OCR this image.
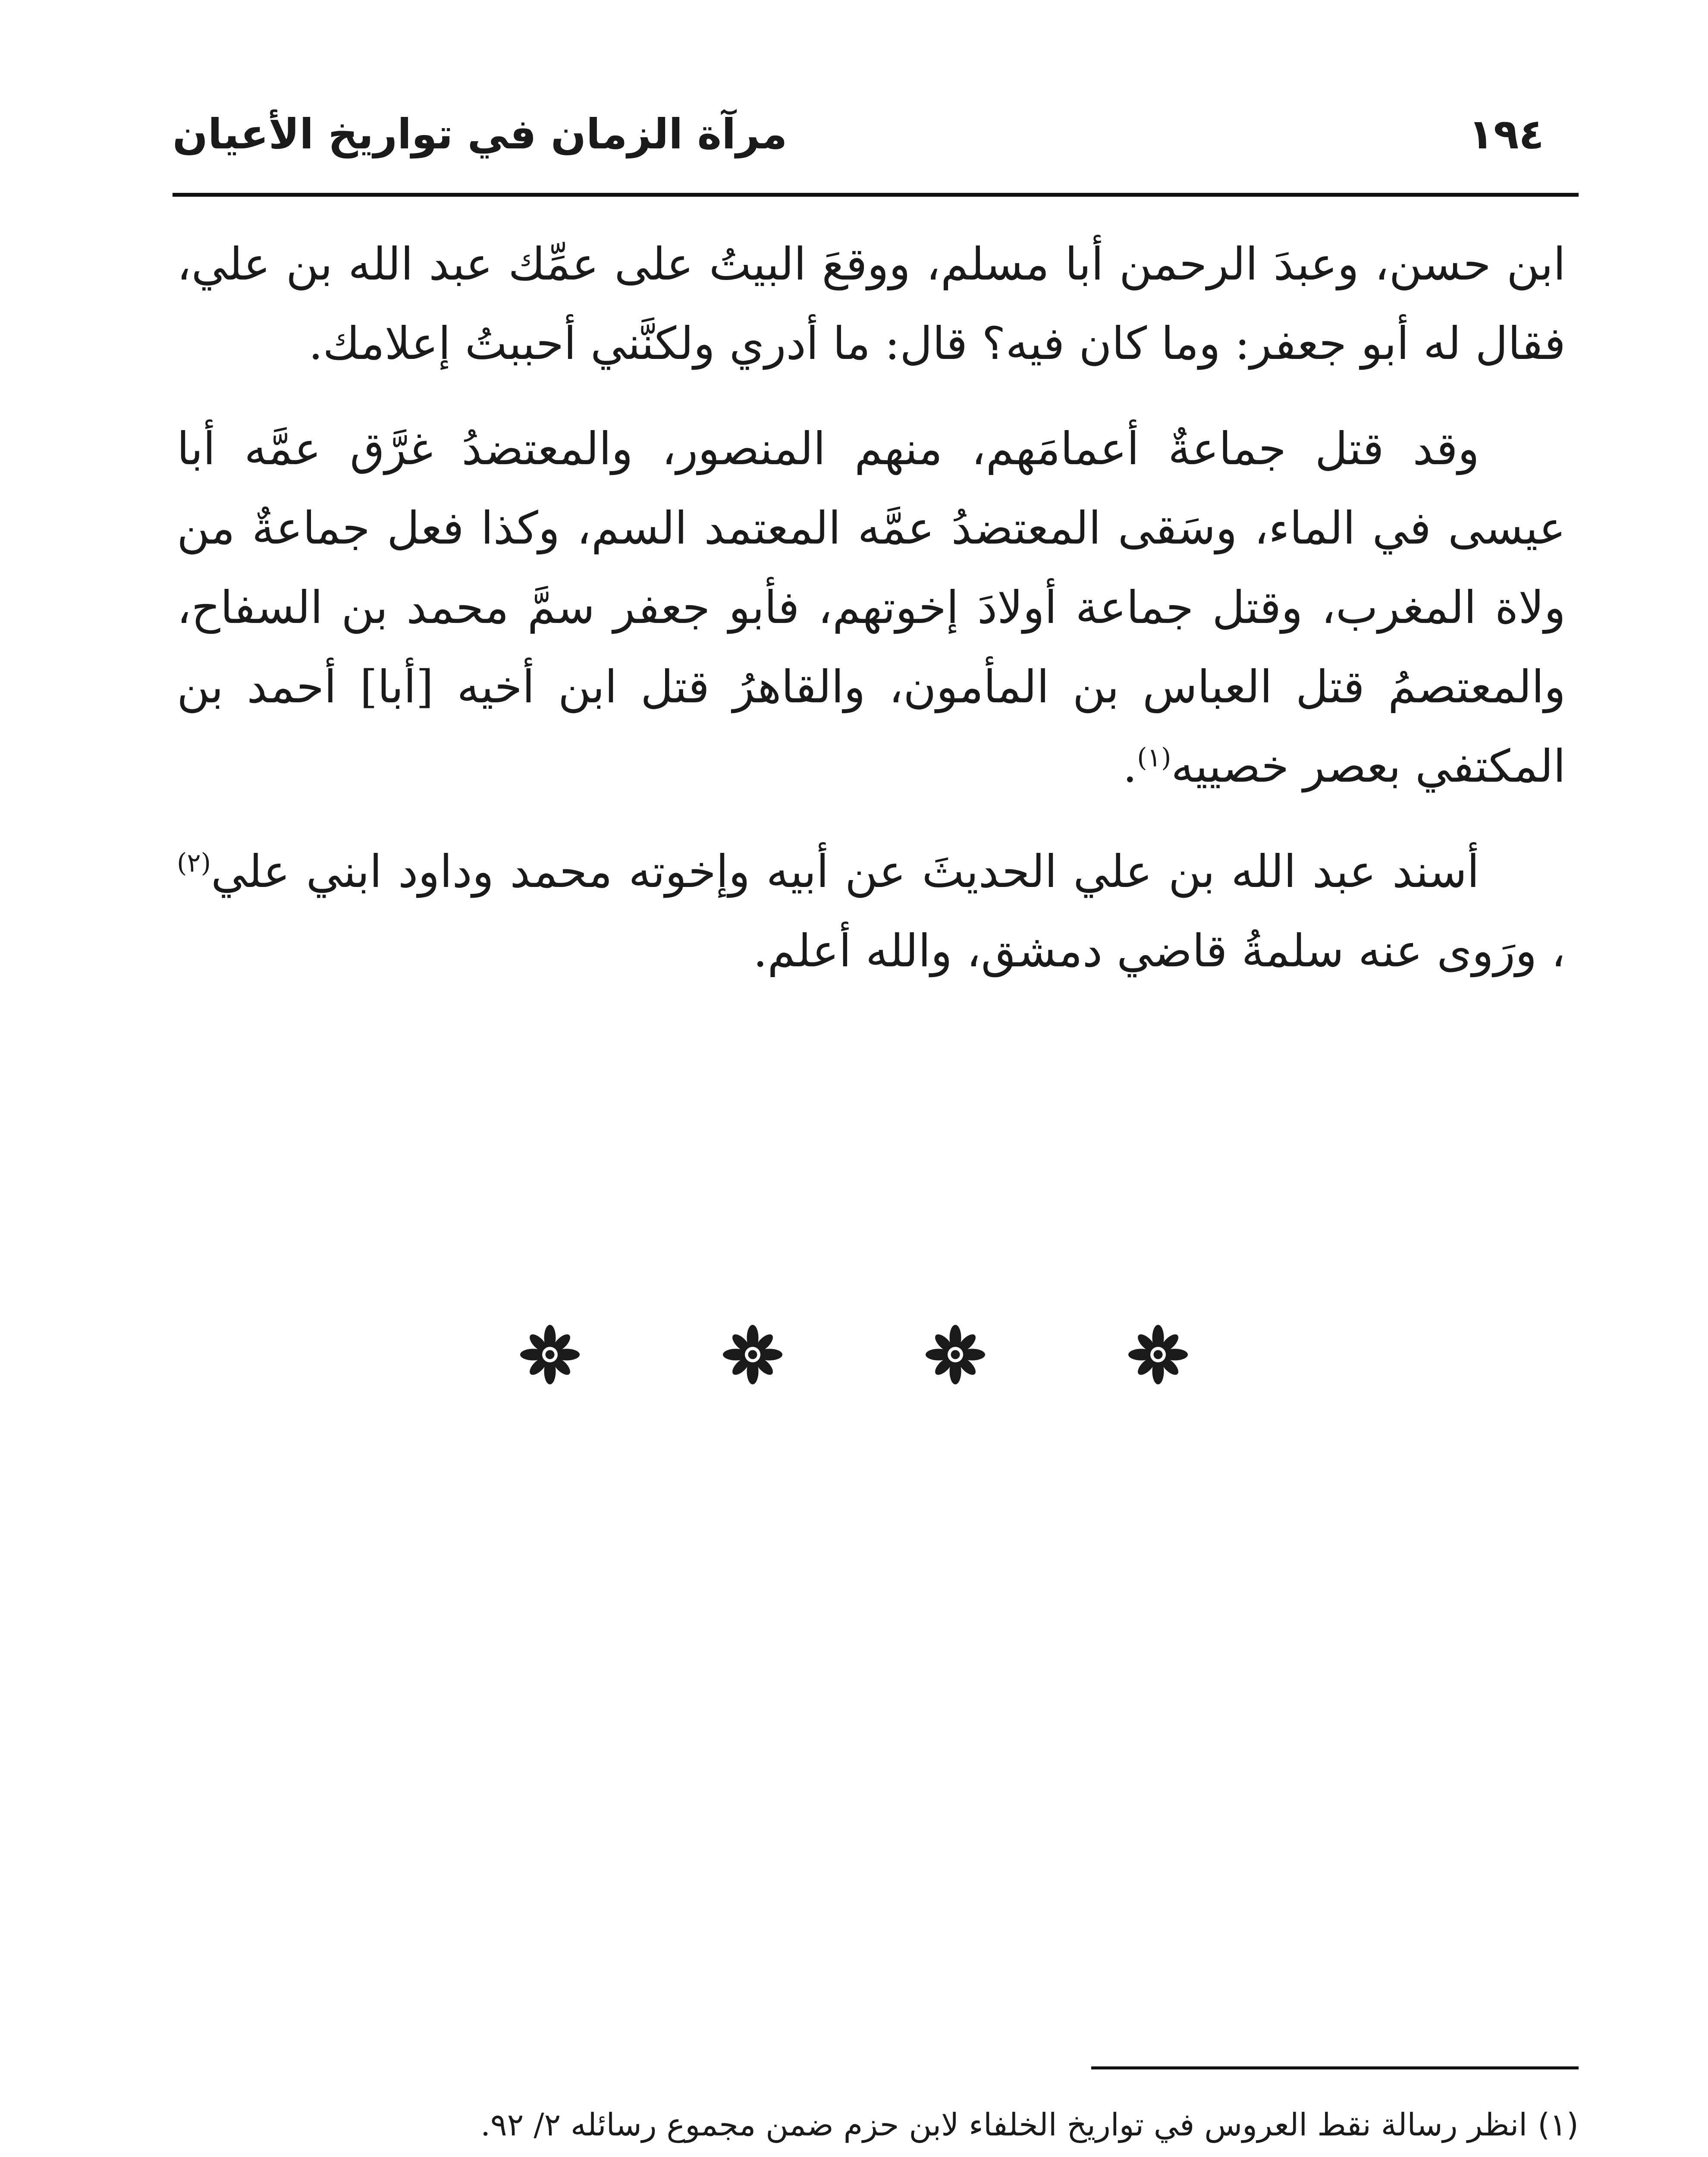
مرآة الزمان في تواريخ الأعيان	١٩٤

ابن حسن، وعبدَ الرحمن أبا مسلم، ووقعَ البيتُ على عمِّك عبد الله بن علي، فقال له أبو جعفر: وما كان فيه؟ قال: ما أدري ولكنَّني أحببتُ إعلامك.

وقد قتل جماعةٌ أعمامَهم، منهم المنصور، والمعتضدُ غرَّق عمَّه أبا عيسى في الماء، وسَقى المعتضدُ عمَّه المعتمد السم، وكذا فعل جماعةٌ من ولاة المغرب، وقتل جماعة أولادَ إخوتهم، فأبو جعفر سمَّ محمد بن السفاح، والمعتصمُ قتل العباس بن المأمون، والقاهرُ قتل ابن أخيه [أبا] أحمد بن المكتفي بعصر خصييه$^{(١)}$.

أسند عبد الله بن علي الحديثَ عن أبيه وإخوته محمد وداود ابني علي$^{(٢)}$ ، ورَوى عنه سلمةُ قاضي دمشق، والله أعلم.

(١)انظر رسالة نقط العروس في تواريخ الخلفاء لابن حزم ضمن مجموع رسائله ٢/ ٩٢.
